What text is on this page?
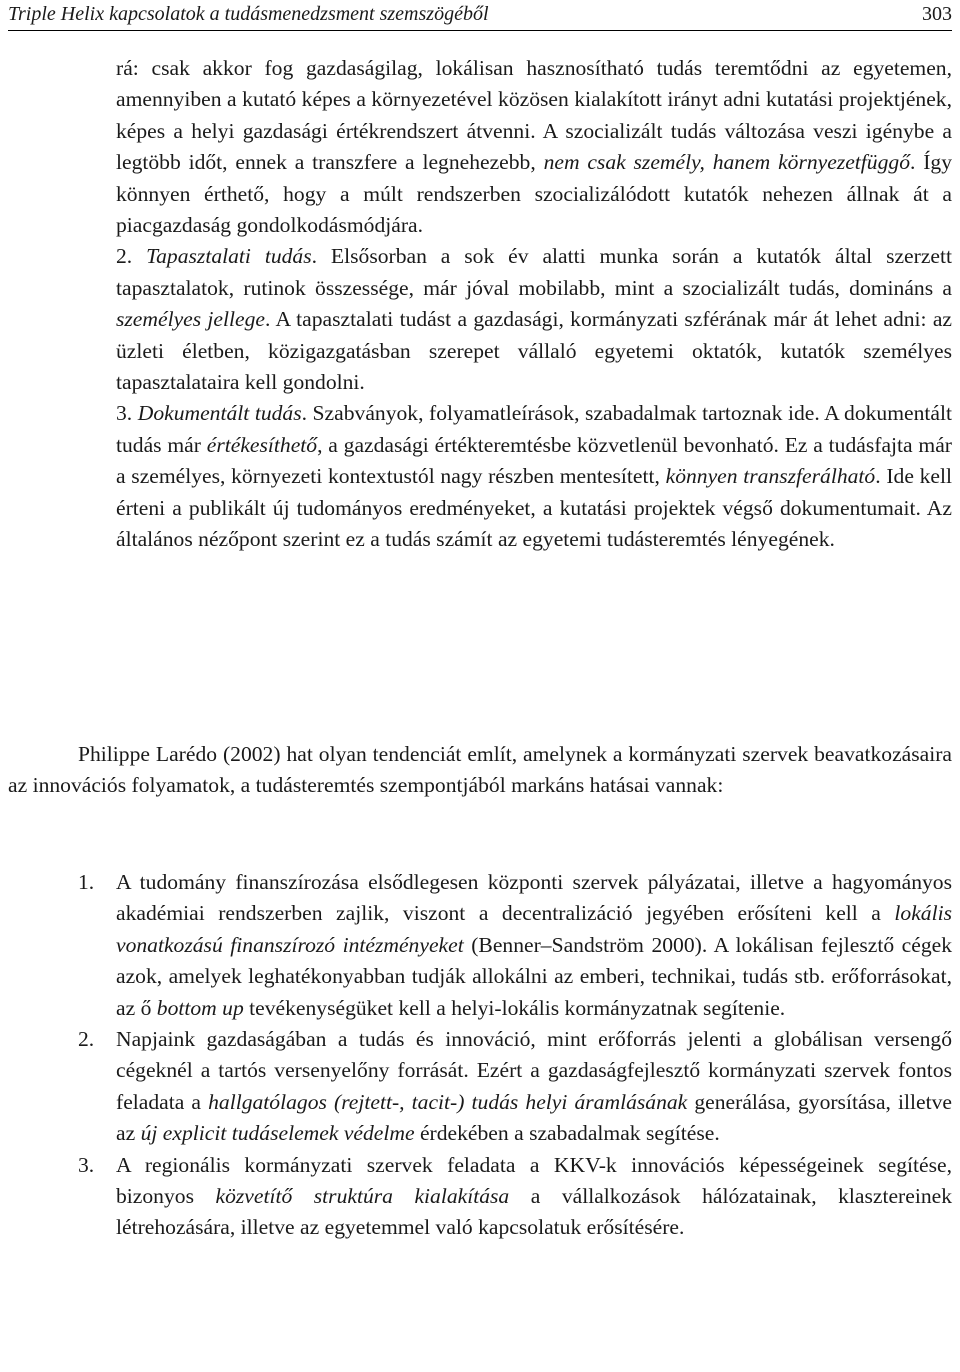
Triple Helix kapcsolatok a tudásmenedzsment szemszögéből	303
rá: csak akkor fog gazdaságilag, lokálisan hasznosítható tudás teremtődni az egyetemen, amennyiben a kutató képes a környezetével közösen kialakított irányt adni kutatási projektjének, képes a helyi gazdasági értékrendszert átvenni. A szocializált tudás változása veszi igénybe a legtöbb időt, ennek a transzfere a legnehezebb, nem csak személy, hanem környezetfüggő. Így könnyen érthető, hogy a múlt rendszerben szocializálódott kutatók nehezen állnak át a piacgazdaság gondolkodásmódjára.
2. Tapasztalati tudás. Elsősorban a sok év alatti munka során a kutatók által szerzett tapasztalatok, rutinok összessége, már jóval mobilabb, mint a szocializált tudás, domináns a személyes jellege. A tapasztalati tudást a gazdasági, kormányzati szférának már át lehet adni: az üzleti életben, közigazgatásban szerepet vállaló egyetemi oktatók, kutatók személyes tapasztalataira kell gondolni.
3. Dokumentált tudás. Szabványok, folyamatleírások, szabadalmak tartoznak ide. A dokumentált tudás már értékesíthető, a gazdasági értékteremtésbe közvetlenül bevonható. Ez a tudásfajta már a személyes, környezeti kontextustól nagy részben mentesített, könnyen transzferálható. Ide kell érteni a publikált új tudományos eredményeket, a kutatási projektek végső dokumentumait. Az általános nézőpont szerint ez a tudás számít az egyetemi tudásteremtés lényegének.
Philippe Larédo (2002) hat olyan tendenciát említ, amelynek a kormányzati szervek beavatkozásaira az innovációs folyamatok, a tudásteremtés szempontjából markáns hatásai vannak:
1. A tudomány finanszírozása elsődlegesen központi szervek pályázatai, illetve a hagyományos akadémiai rendszerben zajlik, viszont a decentralizáció jegyében erősíteni kell a lokális vonatkozású finanszírozó intézményeket (Benner–Sandström 2000). A lokálisan fejlesztő cégek azok, amelyek leghatékonyabban tudják allokálni az emberi, technikai, tudás stb. erőforrásokat, az ő bottom up tevékenységüket kell a helyi-lokális kormányzatnak segítenie.
2. Napjaink gazdaságában a tudás és innováció, mint erőforrás jelenti a globálisan versengő cégeknél a tartós versenyelőny forrását. Ezért a gazdaságfejlesztő kormányzati szervek fontos feladata a hallgatólagos (rejtett-, tacit-) tudás helyi áramlásának generálása, gyorsítása, illetve az új explicit tudáselemek védelme érdekében a szabadalmak segítése.
3. A regionális kormányzati szervek feladata a KKV-k innovációs képességeinek segítése, bizonyos közvetítő struktúra kialakítása a vállalkozások hálózatainak, klasztereinek létrehozására, illetve az egyetemmel való kapcsolatuk erősítésére.
